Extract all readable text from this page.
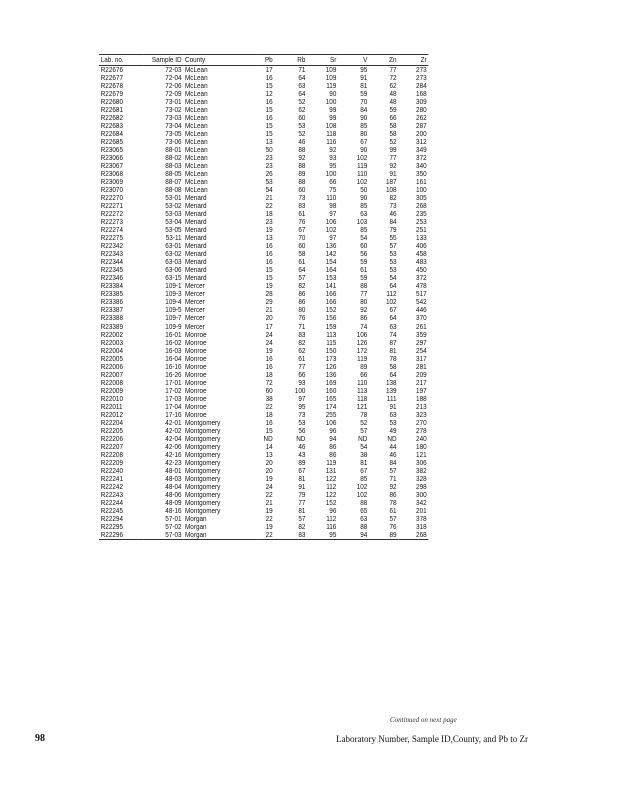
Lab. no.	Sample ID	County	Pb	Rb	Sr	V	Zn	Zr
R22676	72-03	McLean	17	71	109	95	77	273
R22677	72-04	McLean	16	64	109	91	72	273
R22678	72-06	McLean	15	63	119	81	62	284
R22679	72-09	McLean	12	64	90	59	48	168
R22680	73-01	McLean	16	52	100	70	48	309
R22681	73-02	McLean	15	62	99	84	59	280
R22682	73-03	McLean	16	60	99	90	66	262
R22683	73-04	McLean	15	53	108	85	58	287
R22684	73-05	McLean	15	52	118	80	58	200
R22685	73-06	McLean	13	46	116	67	52	312
R23065	88-01	McLean	50	88	92	90	99	349
R23066	88-02	McLean	23	92	93	102	77	372
R23067	88-03	McLean	23	88	95	119	92	340
R23068	88-05	McLean	26	89	100	110	91	350
R23069	88-07	McLean	53	88	66	102	187	161
R23070	88-08	McLean	54	60	75	50	108	100
R22270	53-01	Menard	21	73	110	90	82	305
R22271	53-02	Menard	22	83	98	85	73	268
R22272	53-03	Menard	18	61	97	63	46	235
R22273	53-04	Menard	23	76	106	103	84	253
R22274	53-05	Menard	19	67	102	85	79	251
R22275	53-11	Menard	13	70	97	54	55	133
R22342	63-01	Menard	16	60	136	60	57	406
R22343	63-02	Menard	16	58	142	56	53	458
R22344	63-03	Menard	16	61	154	59	53	483
R22345	63-06	Menard	15	64	164	61	53	450
R22346	63-15	Menard	15	57	153	59	54	372
R23384	109-1	Mercer	19	82	141	88	64	478
R23385	109-3	Mercer	28	86	166	77	112	517
R23386	109-4	Mercer	29	86	166	80	102	542
R23387	109-5	Mercer	21	80	152	92	67	446
R23388	109-7	Mercer	20	76	156	86	64	370
R23389	109-9	Mercer	17	71	159	74	63	261
R22002	16-01	Monroe	24	83	113	106	74	359
R22003	16-02	Monroe	24	82	115	126	87	297
R22004	16-03	Monroe	19	62	150	172	81	254
R22005	16-04	Monroe	16	61	173	119	78	317
R22006	16-16	Monroe	16	77	126	89	58	281
R22007	16-26	Monroe	18	66	136	66	64	209
R22008	17-01	Monroe	72	93	169	110	138	217
R22009	17-02	Monroe	60	100	160	113	139	197
R22010	17-03	Monroe	38	97	165	118	111	188
R22011	17-04	Monroe	22	95	174	121	91	213
R22012	17-16	Monroe	18	73	255	78	63	323
R22204	42-01	Montgomery	16	53	106	52	53	270
R22205	42-02	Montgomery	15	56	96	57	49	278
R22206	42-04	Montgomery	ND	ND	94	ND	ND	240
R22207	42-06	Montgomery	14	46	86	54	44	180
R22208	42-16	Montgomery	13	43	86	38	46	121
R22209	42-23	Montgomery	20	89	119	81	84	306
R22240	48-01	Montgomery	20	67	131	67	57	382
R22241	48-03	Montgomery	19	81	122	85	71	328
R22242	48-04	Montgomery	24	91	112	102	92	298
R22243	48-06	Montgomery	22	79	122	102	86	300
R22244	48-09	Montgomery	21	77	152	88	78	342
R22245	48-16	Montgomery	19	81	96	65	61	201
R22294	57-01	Morgan	22	57	112	63	57	378
R22295	57-02	Morgan	19	82	116	88	76	318
R22296	57-03	Morgan	22	83	95	94	89	268
Continued on next page
98	Laboratory Number, Sample ID,County, and Pb to Zr
